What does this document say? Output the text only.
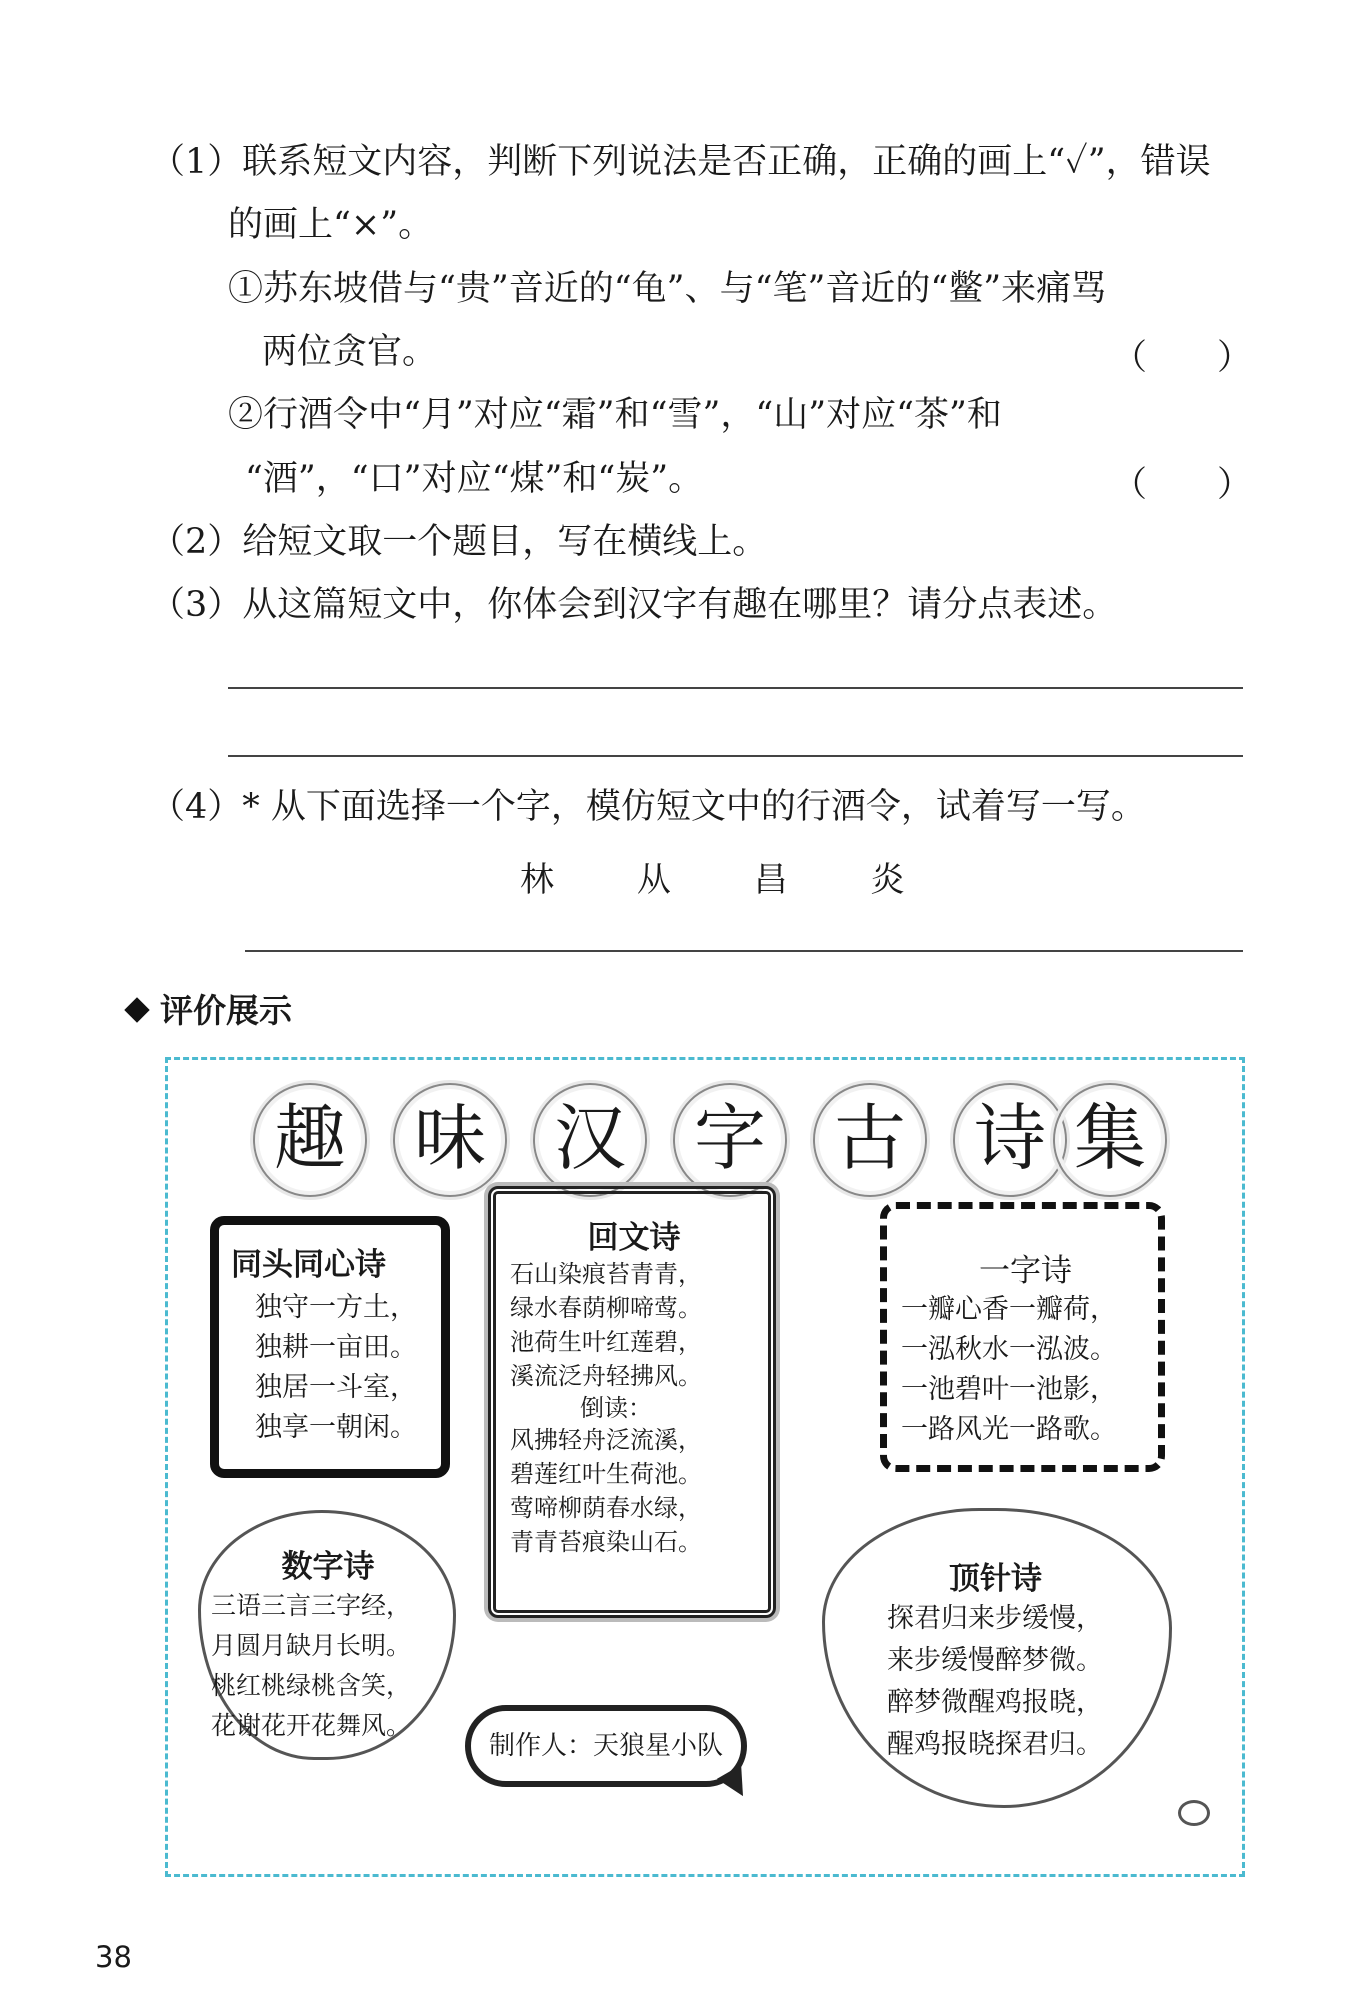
（1）联系短文内容，判断下列说法是否正确，正确的画上“✓”，错误
的画上“×”。
①苏东坡借与“贵”音近的“龟”、与“笔”音近的“鳖”来痛骂
两位贪官。	（　　）
②行酒令中“月”对应“霜”和“雪”，“山”对应“茶”和
“酒”，“口”对应“煤”和“炭”。	（　　）
（2）给短文取一个题目，写在横线上。
（3）从这篇短文中，你体会到汉字有趣在哪里？请分点表述。
（4）* 从下面选择一个字，模仿短文中的行酒令，试着写一写。
林 从 昌 炎
评价展示
趣 味 汉 字 古 诗 集
同头同心诗
独守一方土，
独耕一亩田。
独居一斗室，
独享一朝闲。
回文诗
石山染痕苔青青，
绿水春荫柳啼莺。
池荷生叶红莲碧，
溪流泛舟轻拂风。
倒读：
风拂轻舟泛流溪，
碧莲红叶生荷池。
莺啼柳荫春水绿，
青青苔痕染山石。
一字诗
一瓣心香一瓣荷，
一泓秋水一泓波。
一池碧叶一池影，
一路风光一路歌。
数字诗
三语三言三字经，
月圆月缺月长明。
桃红桃绿桃含笑，
花谢花开花舞风。
制作人：天狼星小队
顶针诗
探君归来步缓慢，
来步缓慢醉梦微。
醉梦微醒鸡报晓，
醒鸡报晓探君归。
38
